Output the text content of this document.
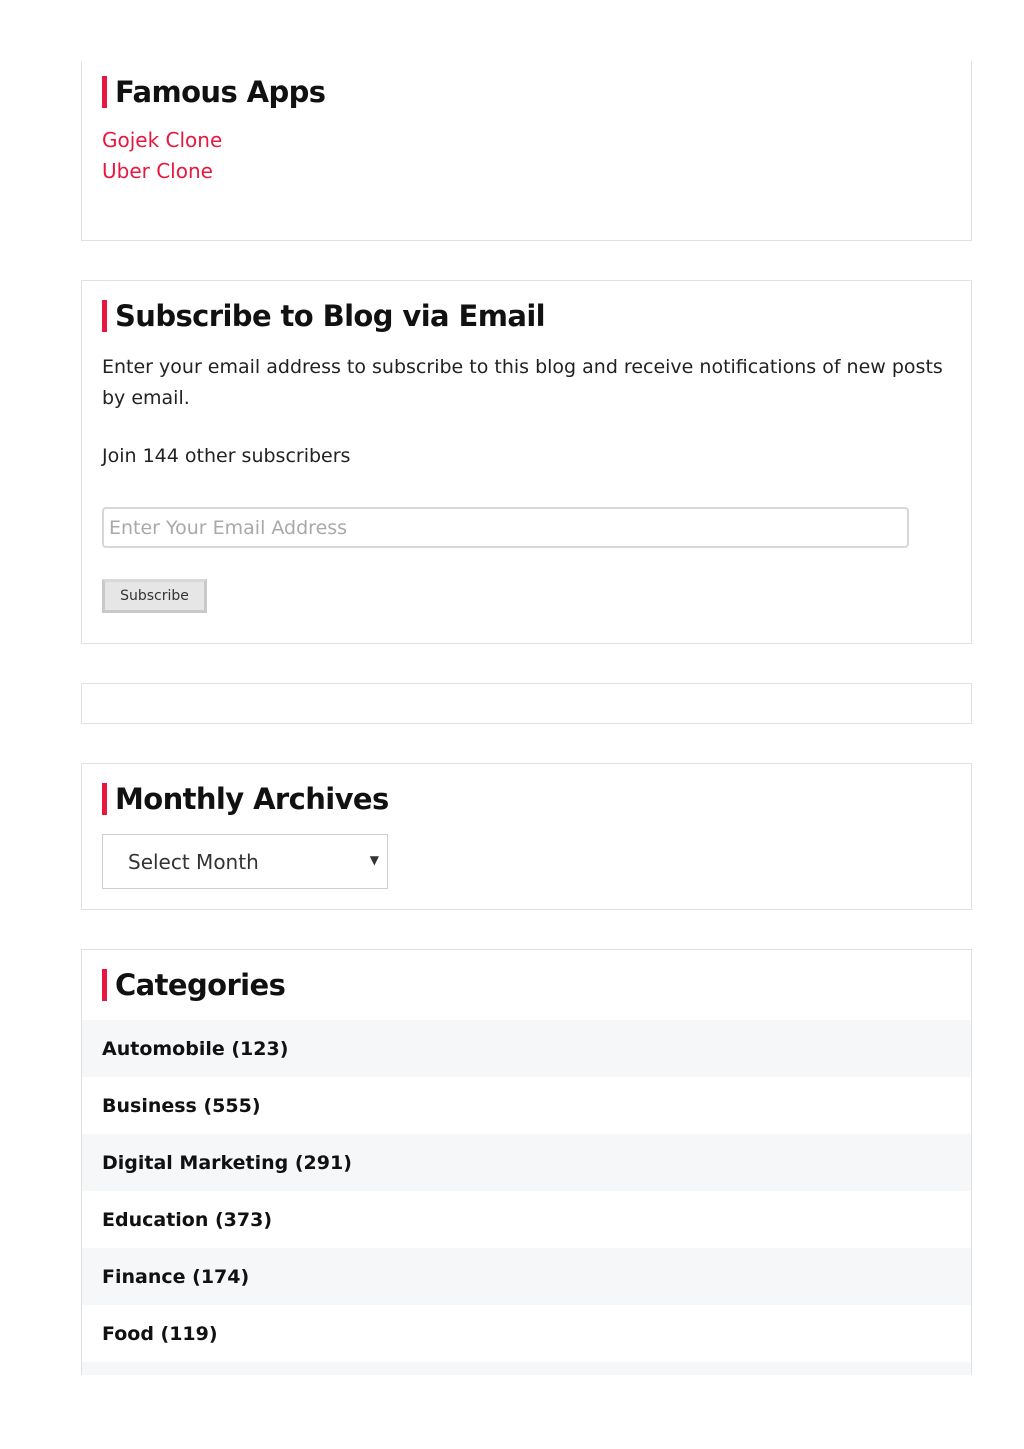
Famous Apps
Gojek Clone
Uber Clone
Subscribe to Blog via Email

Enter your email address to subscribe to this blog and receive notifications of new posts by email.

Join 144 other subscribers

Enter Your Email Address
Subscribe
Monthly Archives
Select Month	▼
Categories
Automobile (123)
Business (555)
Digital Marketing (291)
Education (373)
Finance (174)
Food (119)
